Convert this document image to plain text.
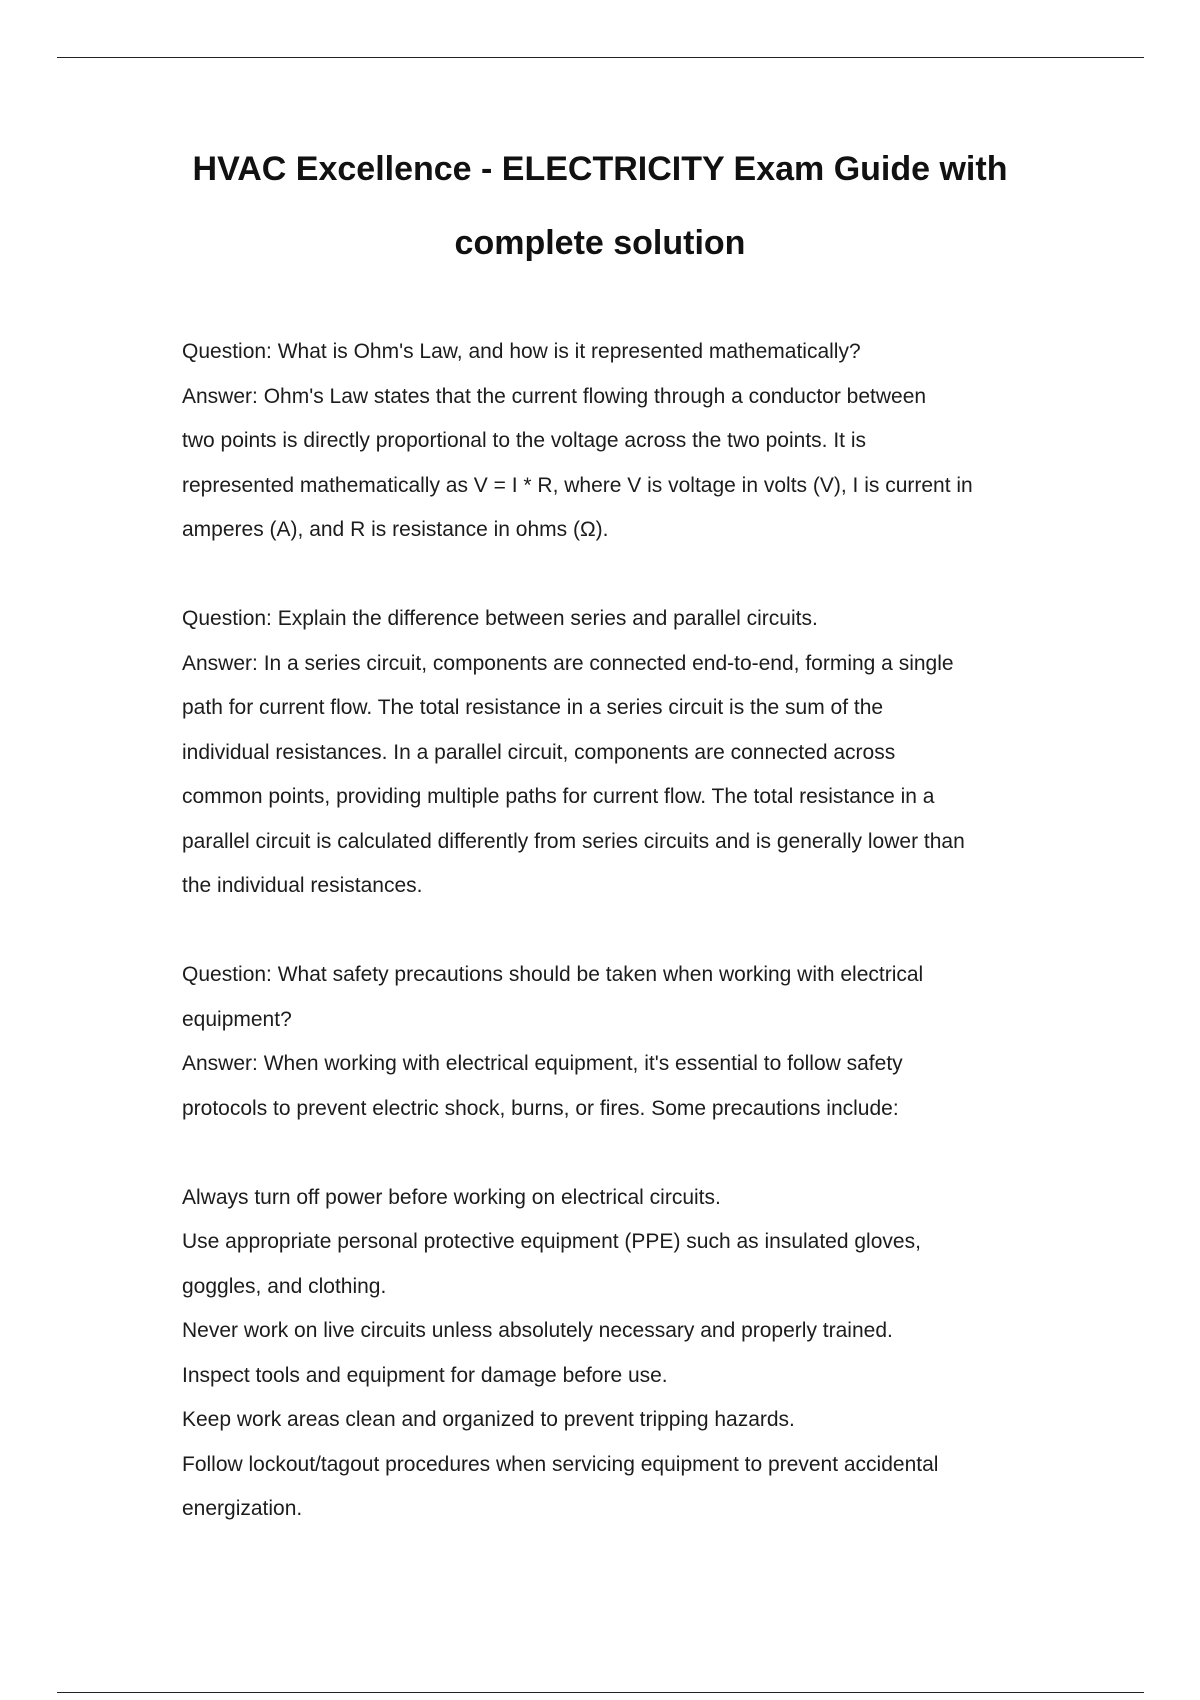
HVAC Excellence - ELECTRICITY Exam Guide with
complete solution
Question: What is Ohm's Law, and how is it represented mathematically?
Answer: Ohm's Law states that the current flowing through a conductor between
two points is directly proportional to the voltage across the two points. It is
represented mathematically as V = I * R, where V is voltage in volts (V), I is current in
amperes (A), and R is resistance in ohms (Ω).
Question: Explain the difference between series and parallel circuits.
Answer: In a series circuit, components are connected end-to-end, forming a single
path for current flow. The total resistance in a series circuit is the sum of the
individual resistances. In a parallel circuit, components are connected across
common points, providing multiple paths for current flow. The total resistance in a
parallel circuit is calculated differently from series circuits and is generally lower than
the individual resistances.
Question: What safety precautions should be taken when working with electrical
equipment?
Answer: When working with electrical equipment, it's essential to follow safety
protocols to prevent electric shock, burns, or fires. Some precautions include:
Always turn off power before working on electrical circuits.
Use appropriate personal protective equipment (PPE) such as insulated gloves,
goggles, and clothing.
Never work on live circuits unless absolutely necessary and properly trained.
Inspect tools and equipment for damage before use.
Keep work areas clean and organized to prevent tripping hazards.
Follow lockout/tagout procedures when servicing equipment to prevent accidental
energization.
